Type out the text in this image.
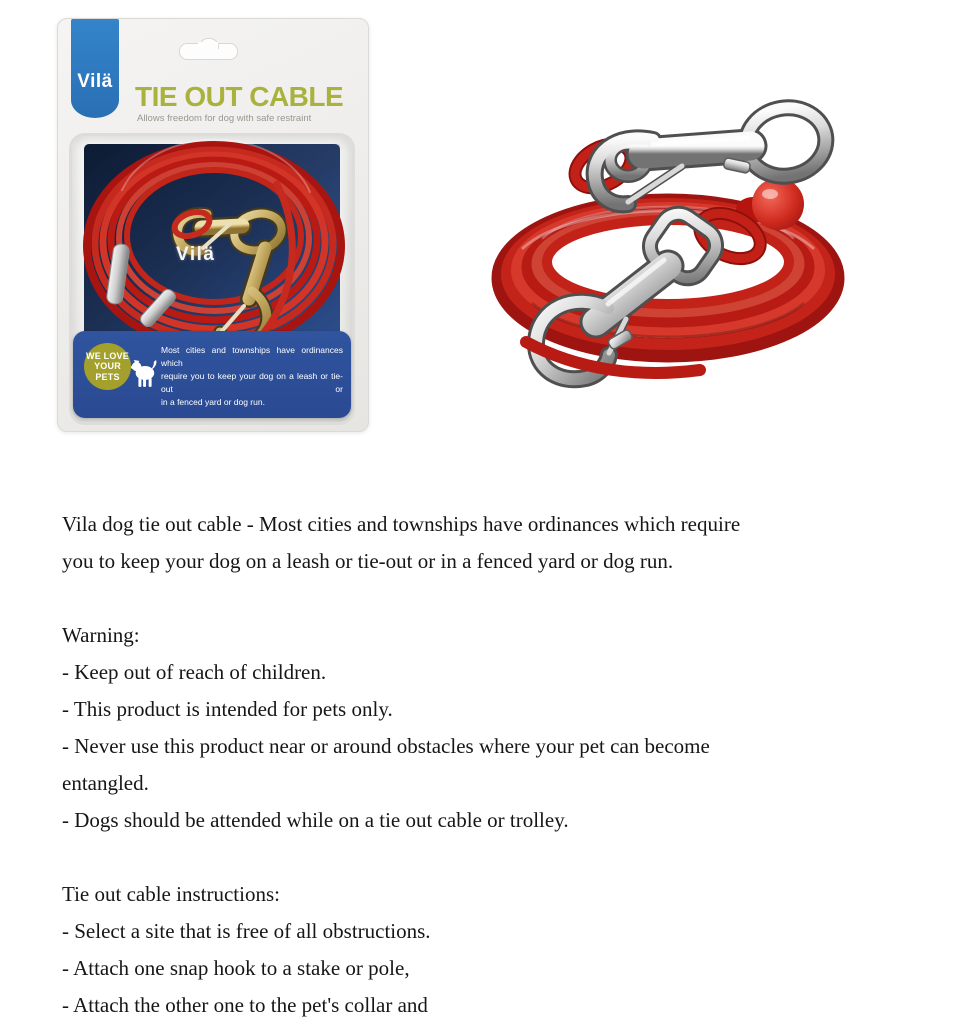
Vilä TIE OUT CABLE
Allows freedom for dog with safe restraint
Vilä
WE LOVE
YOUR
PETS
Most cities and townships have ordinances which
require you to keep your dog on a leash or tie-out or
in a fenced yard or dog run.
Vila dog tie out cable - Most cities and townships have ordinances which require
you to keep your dog on a leash or tie-out or in a fenced yard or dog run.
Warning:
- Keep out of reach of children.
- This product is intended for pets only.
- Never use this product near or around obstacles where your pet can become
entangled.
- Dogs should be attended while on a tie out cable or trolley.
Tie out cable instructions:
- Select a site that is free of all obstructions.
- Attach one snap hook to a stake or pole,
- Attach the other one to the pet's collar and
